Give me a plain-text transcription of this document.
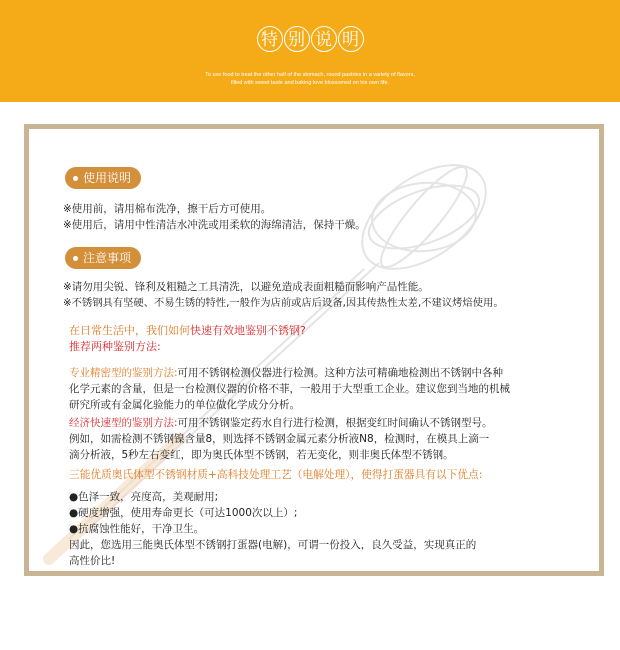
特 别 说 明
To use food to treat the other half of the stomach, round pastries in a variety of flavors,
filled with sweet taste and baking love blossomed on his own life.
使用说明
※使用前，请用棉布洗净，擦干后方可使用。
※使用后，请用中性清洁水冲洗或用柔软的海绵清洁，保持干燥。
注意事项
※请勿用尖锐、锋利及粗糙之工具清洗，以避免造成表面粗糙而影响产品性能。
※不锈钢具有坚硬、不易生锈的特性,一般作为店前或店后设备,因其传热性太差,不建议烤焙使用。
在日常生活中，我们如何快速有效地鉴别不锈钢?
推荐两种鉴别方法:
专业精密型的鉴别方法:可用不锈钢检测仪器进行检测。这种方法可精确地检测出不锈钢中各种
化学元素的含量，但是一台检测仪器的价格不菲，一般用于大型重工企业。建议您到当地的机械
研究所或有金属化验能力的单位做化学成分分析。
经济快速型的鉴别方法:可用不锈钢鉴定药水自行进行检测，根据变红时间确认不锈钢型号。
例如，如需检测不锈钢镍含量8，则选择不锈钢金属元素分析液N8，检测时，在模具上滴一
滴分析液，5秒左右变红，即为奥氏体型不锈钢，若无变化，则非奥氏体型不锈钢。
三能优质奥氏体型不锈钢材质+高科技处理工艺（电解处理），使得打蛋器具有以下优点:
●色泽一致，亮度高，美观耐用;
●硬度增强，使用寿命更长（可达1000次以上）;
●抗腐蚀性能好，干净卫生。
因此，您选用三能奥氏体型不锈钢打蛋器(电解)，可谓一份投入，良久受益，实现真正的
高性价比!
